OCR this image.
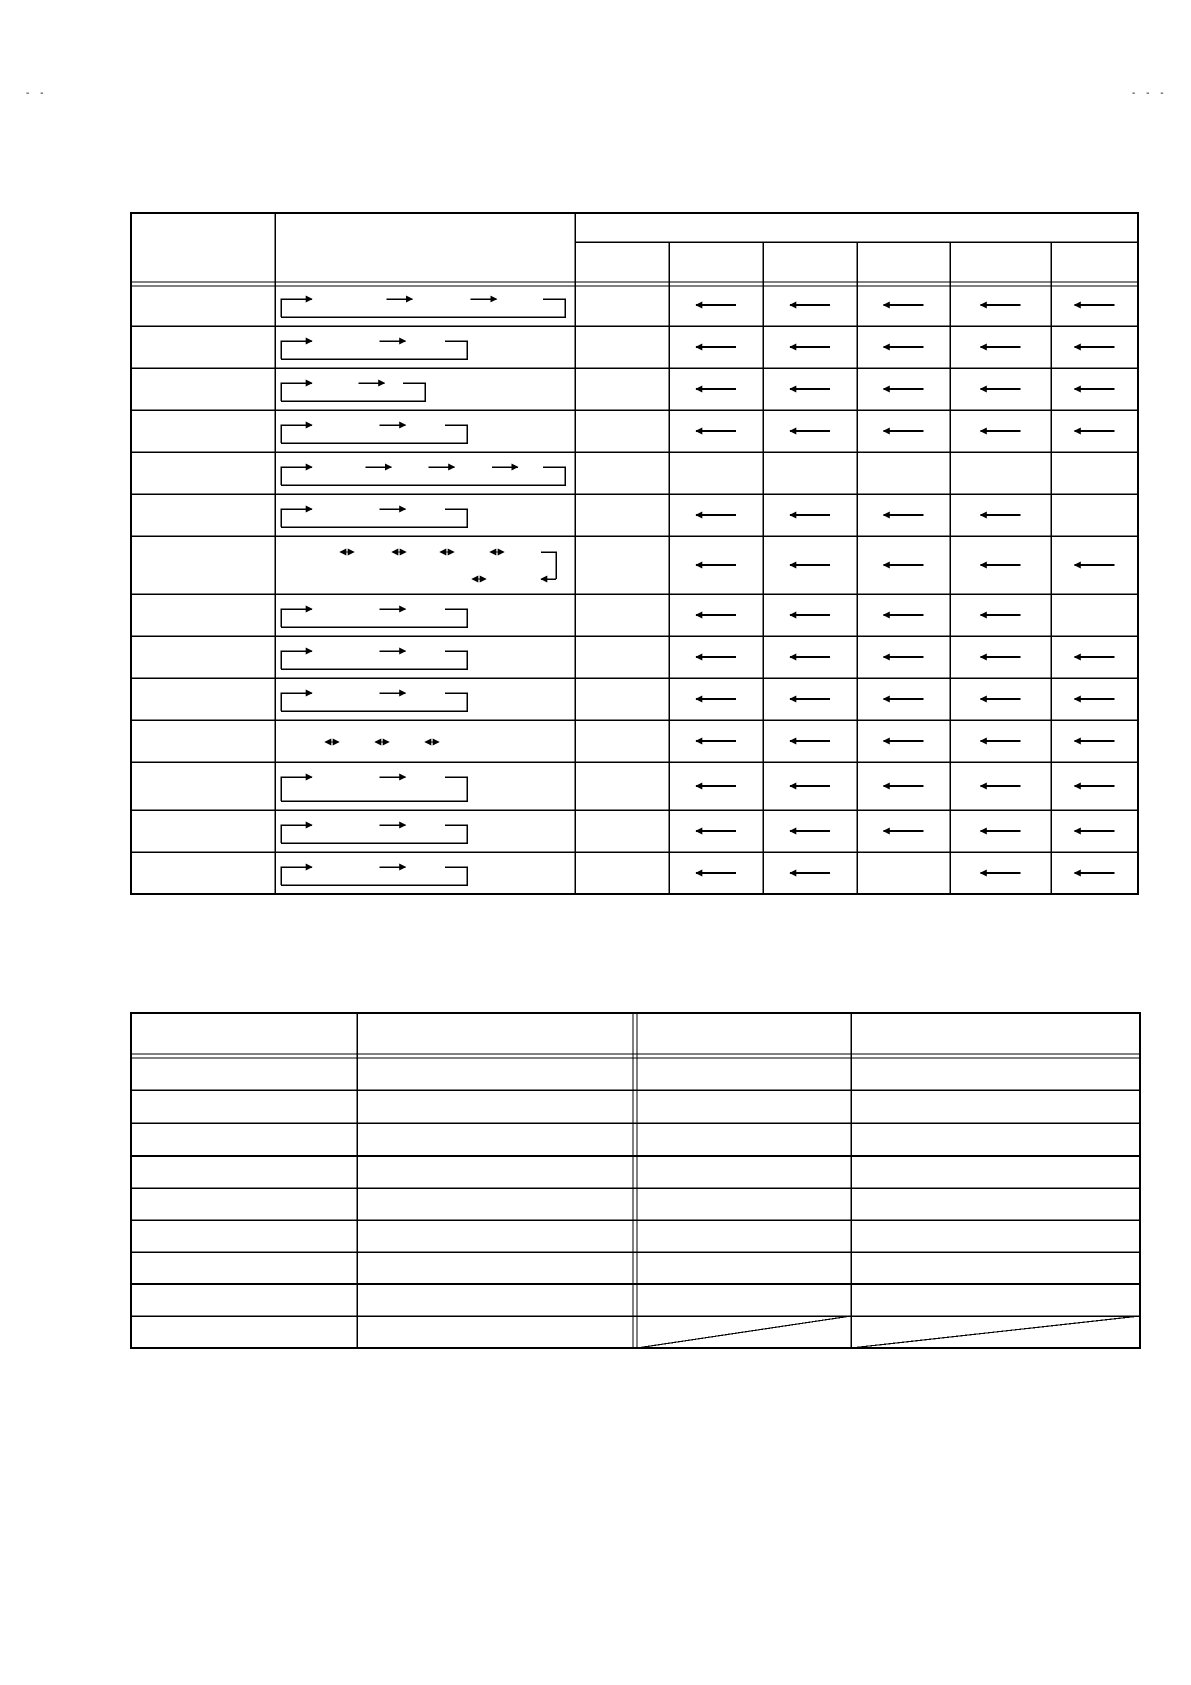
- -	- - -
